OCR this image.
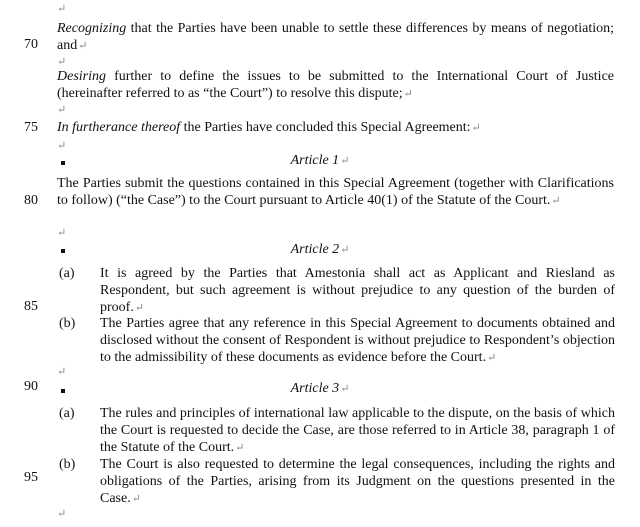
70
75
80
85
90
95
↵
↵
↵
↵
↵
↵
↵

Recognizing that the Parties have been unable to settle these differences by means of negotiation; and↵

Desiring further to define the issues to be submitted to the International Court of Justice (hereinafter referred to as “the Court”) to resolve this dispute;↵

In furtherance thereof the Parties have concluded this Special Agreement:↵

Article 1↵

The Parties submit the questions contained in this Special Agreement (together with Clarifications to follow) (“the Case”) to the Court pursuant to Article 40(1) of the Statute of the Court.↵

Article 2↵
(a) It is agreed by the Parties that Amestonia shall act as Applicant and Riesland as Respondent, but such agreement is without prejudice to any question of the burden of proof.↵
(b) The Parties agree that any reference in this Special Agreement to documents obtained and disclosed without the consent of Respondent is without prejudice to Respondent’s objection to the admissibility of these documents as evidence before the Court.↵
Article 3↵
(a) The rules and principles of international law applicable to the dispute, on the basis of which the Court is requested to decide the Case, are those referred to in Article 38, paragraph 1 of the Statute of the Court.↵
(b) The Court is also requested to determine the legal consequences, including the rights and obligations of the Parties, arising from its Judgment on the questions presented in the Case.↵
